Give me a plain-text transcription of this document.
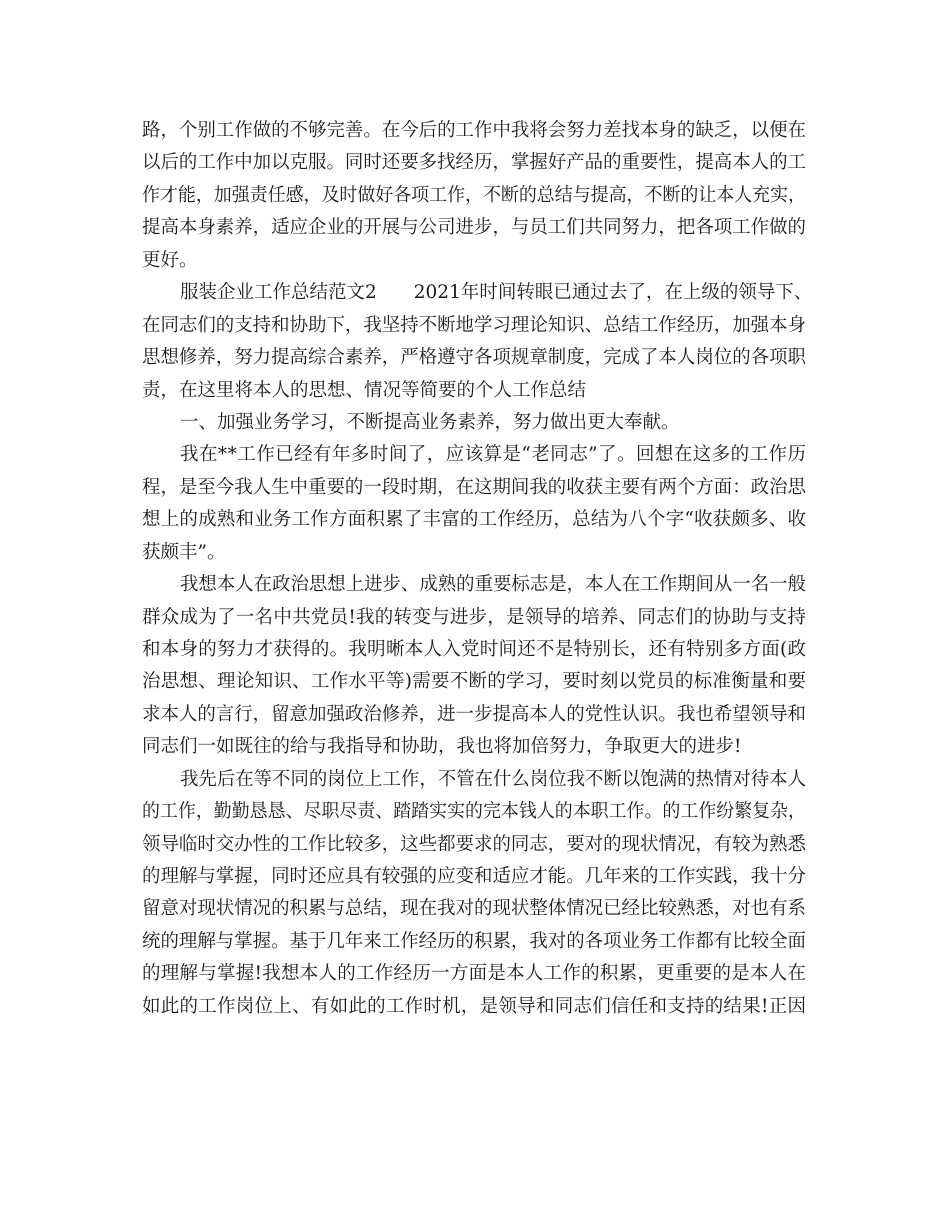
路，个别工作做的不够完善。在今后的工作中我将会努力差找本身的缺乏，以便在
以后的工作中加以克服。同时还要多找经历，掌握好产品的重要性，提高本人的工
作才能，加强责任感，及时做好各项工作，不断的总结与提高，不断的让本人充实，
提高本身素养，适应企业的开展与公司进步，与员工们共同努力，把各项工作做的
更好。
服装企业工作总结范文2　　2021年时间转眼已通过去了，在上级的领导下、
在同志们的支持和协助下，我坚持不断地学习理论知识、总结工作经历，加强本身
思想修养，努力提高综合素养，严格遵守各项规章制度，完成了本人岗位的各项职
责，在这里将本人的思想、情况等简要的个人工作总结
一、加强业务学习，不断提高业务素养，努力做出更大奉献。
我在**工作已经有年多时间了，应该算是“老同志”了。回想在这多的工作历
程，是至今我人生中重要的一段时期，在这期间我的收获主要有两个方面：政治思
想上的成熟和业务工作方面积累了丰富的工作经历，总结为八个字“收获颇多、收
获颇丰”。
我想本人在政治思想上进步、成熟的重要标志是，本人在工作期间从一名一般
群众成为了一名中共党员!我的转变与进步，是领导的培养、同志们的协助与支持
和本身的努力才获得的。我明晰本人入党时间还不是特别长，还有特别多方面(政
治思想、理论知识、工作水平等)需要不断的学习，要时刻以党员的标准衡量和要
求本人的言行，留意加强政治修养，进一步提高本人的党性认识。我也希望领导和
同志们一如既往的给与我指导和协助，我也将加倍努力，争取更大的进步!
我先后在等不同的岗位上工作，不管在什么岗位我不断以饱满的热情对待本人
的工作，勤勤恳恳、尽职尽责、踏踏实实的完本钱人的本职工作。的工作纷繁复杂，
领导临时交办性的工作比较多，这些都要求的同志，要对的现状情况，有较为熟悉
的理解与掌握，同时还应具有较强的应变和适应才能。几年来的工作实践，我十分
留意对现状情况的积累与总结，现在我对的现状整体情况已经比较熟悉，对也有系
统的理解与掌握。基于几年来工作经历的积累，我对的各项业务工作都有比较全面
的理解与掌握!我想本人的工作经历一方面是本人工作的积累，更重要的是本人在
如此的工作岗位上、有如此的工作时机，是领导和同志们信任和支持的结果!正因
